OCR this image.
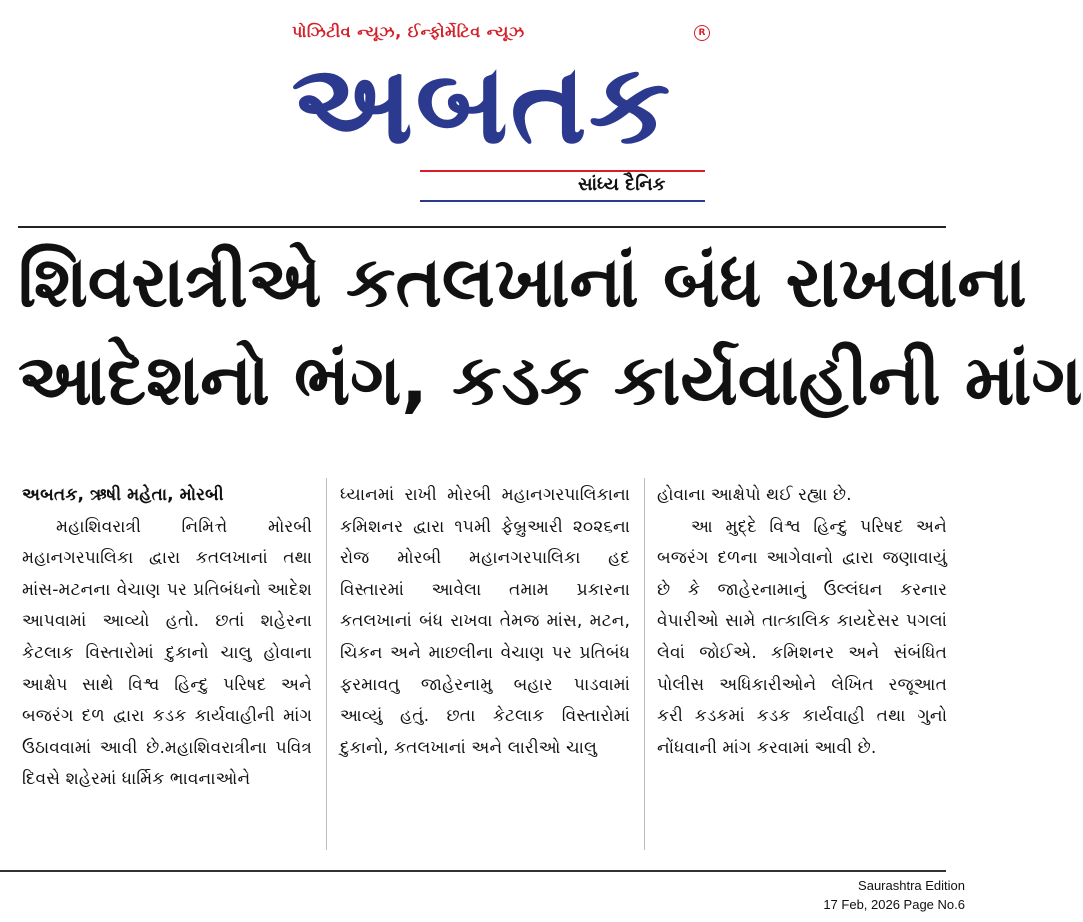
પોઝિટીવ ન્યૂઝ, ઈન્ફોર્મેટિવ ન્યૂઝ	R
અબતક
સાંધ્ય દૈનિક
શિવરાત્રીએ કતલખાનાં બંધ રાખવાના
આદેશનો ભંગ, કડક કાર્યવાહીની માંગ

અબતક, ઋષી મહેતા, મોરબી

મહાશિવરાત્રી નિમિત્તે મોરબી મહાનગરપાલિકા દ્વારા કતલખાનાં તથા માંસ-મટનના વેચાણ પર પ્રતિબંધનો આદેશ આપવામાં આવ્યો હતો. છતાં શહેરના કેટલાક વિસ્તારોમાં દુકાનો ચાલુ હોવાના આક્ષેપ સાથે વિશ્વ હિન્દુ પરિષદ અને બજરંગ દળ દ્વારા કડક કાર્યવાહીની માંગ ઉઠાવવામાં આવી છે.મહાશિવરાત્રીના પવિત્ર દિવસે શહેરમાં ધાર્મિક ભાવનાઓને

ધ્યાનમાં રાખી મોરબી મહાનગરપાલિકાના કમિશનર દ્વારા ૧૫મી ફેબ્રુઆરી ૨૦૨૬ના રોજ મોરબી મહાનગરપાલિકા હદ વિસ્તારમાં આવેલા તમામ પ્રકારના કતલખાનાં બંધ રાખવા તેમજ માંસ, મટન, ચિકન અને માછલીના વેચાણ પર પ્રતિબંધ ફરમાવતુ જાહેરનામુ બહાર પાડવામાં આવ્યું હતું. છતા કેટલાક વિસ્તારોમાં દુકાનો, કતલખાનાં અને લારીઓ ચાલુ

હોવાના આક્ષેપો થઈ રહ્યા છે.

આ મુદ્દે વિશ્વ હિન્દુ પરિષદ અને બજરંગ દળના આગેવાનો દ્વારા જણાવાયું છે કે જાહેરનામાનું ઉલ્લંઘન કરનાર વેપારીઓ સામે તાત્કાલિક કાયદેસર પગલાં લેવાં જોઈએ. કમિશનર અને સંબંધિત પોલીસ અધિકારીઓને લેખિત રજૂઆત કરી કડકમાં કડક કાર્યવાહી તથા ગુનો નોંધવાની માંગ કરવામાં આવી છે.

Saurashtra Edition
17 Feb, 2026 Page No.6
